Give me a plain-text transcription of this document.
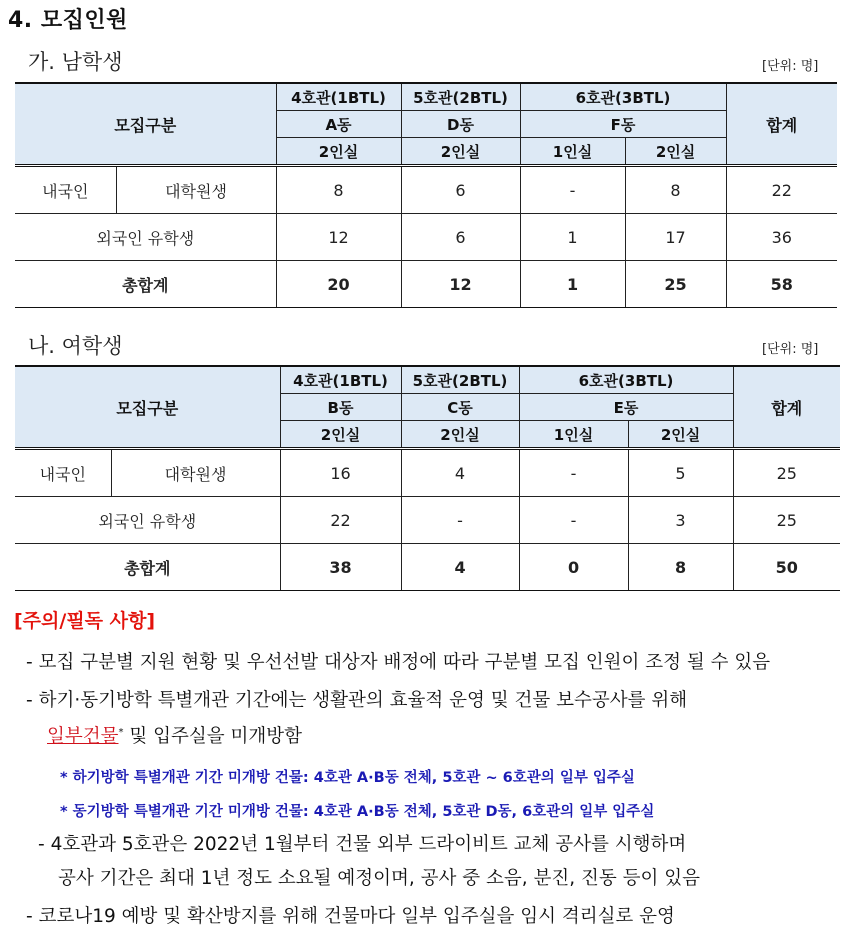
4. 모집인원
가. 남학생	[단위: 명]
모집구분		4호관(1BTL)	5호관(2BTL)	6호관(3BTL)		합계
		A동	D동	F동		
		2인실	2인실	1인실	2인실	
내국인	대학원생	8	6	-	8	22
외국인 유학생		12	6	1	17	36
총합계		20	12	1	25	58
나. 여학생	[단위: 명]
모집구분		4호관(1BTL)	5호관(2BTL)	6호관(3BTL)		합계
		B동	C동	E동		
		2인실	2인실	1인실	2인실	
내국인	대학원생	16	4	-	5	25
외국인 유학생		22	-	-	3	25
총합계		38	4	0	8	50
[주의/필독 사항]
- 모집 구분별 지원 현황 및 우선선발 대상자 배정에 따라 구분별 모집 인원이 조정 될 수 있음
- 하기·동기방학 특별개관 기간에는 생활관의 효율적 운영 및 건물 보수공사를 위해
일부건물* 및 입주실을 미개방함
* 하기방학 특별개관 기간 미개방 건물: 4호관 A·B동 전체, 5호관 ~ 6호관의 일부 입주실
* 동기방학 특별개관 기간 미개방 건물: 4호관 A·B동 전체, 5호관 D동, 6호관의 일부 입주실
- 4호관과 5호관은 2022년 1월부터 건물 외부 드라이비트 교체 공사를 시행하며
공사 기간은 최대 1년 정도 소요될 예정이며, 공사 중 소음, 분진, 진동 등이 있음
- 코로나19 예방 및 확산방지를 위해 건물마다 일부 입주실을 임시 격리실로 운영
